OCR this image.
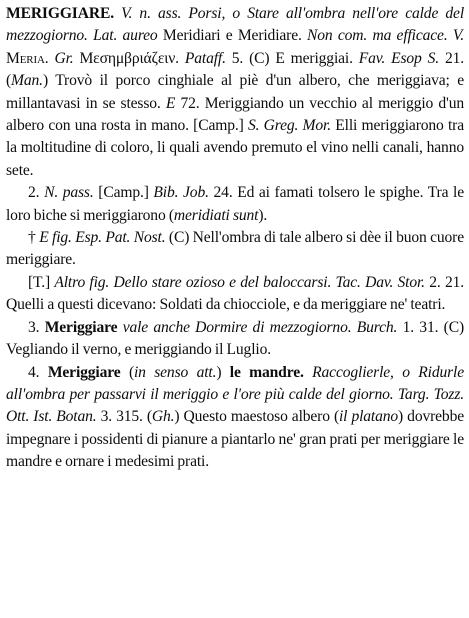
MERIGGIARE. V. n. ass. Porsi, o Stare all'ombra nell'ore calde del mezzogiorno. Lat. aureo Meridiari e Meridiare. Non com. ma efficace. V. Meria. Gr. Μεσημβριάζειν. Pataff. 5. (C) E meriggiai. Fav. Esop S. 21. (Man.) Trovò il porco cinghiale al piè d'un albero, che meriggiava; e millantavasi in se stesso. E 72. Meriggiando un vecchio al meriggio d'un albero con una rosta in mano. [Camp.] S. Greg. Mor. Elli meriggiarono tra la moltitudine di coloro, li quali avendo premuto el vino nelli canali, hanno sete.

2. N. pass. [Camp.] Bib. Job. 24. Ed ai famati tolsero le spighe. Tra le loro biche si meriggiarono (meridiati sunt).

† E fig. Esp. Pat. Nost. (C) Nell'ombra di tale albero si dèe il buon cuore meriggiare.

[T.] Altro fig. Dello stare ozioso e del baloccarsi. Tac. Dav. Stor. 2. 21. Quelli a questi dicevano: Soldati da chiocciole, e da meriggiare ne' teatri.

3. Meriggiare vale anche Dormire di mezzogiorno. Burch. 1. 31. (C) Vegliando il verno, e meriggiando il Luglio.

4. Meriggiare (in senso att.) le mandre. Raccoglierle, o Ridurle all'ombra per passarvi il meriggio e l'ore più calde del giorno. Targ. Tozz. Ott. Ist. Botan. 3. 315. (Gh.) Questo maestoso albero (il platano) dovrebbe impegnare i possidenti di pianure a piantarlo ne' gran prati per meriggiare le mandre e ornare i medesimi prati.
